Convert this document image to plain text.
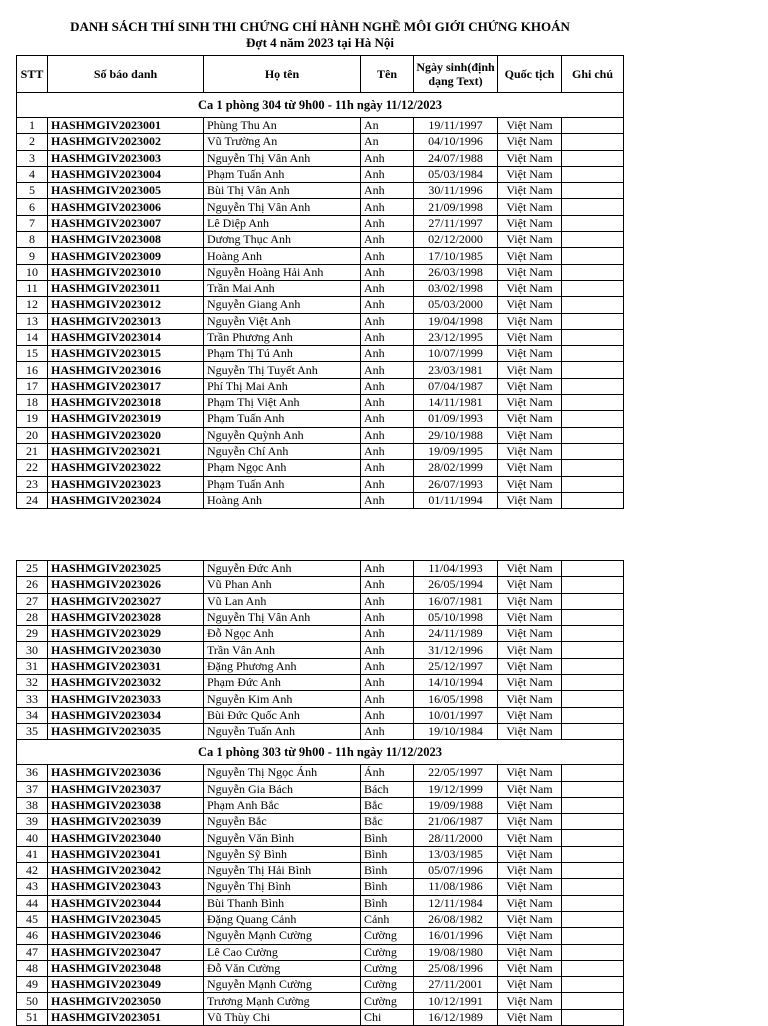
DANH SÁCH THÍ SINH THI CHỨNG CHỈ HÀNH NGHỀ MÔI GIỚI CHỨNG KHOÁN
Đợt 4 năm 2023 tại Hà Nội
STT	Số báo danh	Họ tên	Tên	Ngày sinh(định dạng Text)	Quốc tịch	Ghi chú
Ca 1 phòng 304 từ 9h00 - 11h ngày 11/12/2023						
1	HASHMGIV2023001	Phùng Thu An	An	19/11/1997	Việt Nam	
2	HASHMGIV2023002	Vũ Trường An	An	04/10/1996	Việt Nam	
3	HASHMGIV2023003	Nguyễn Thị Vân Anh	Anh	24/07/1988	Việt Nam	
4	HASHMGIV2023004	Phạm Tuấn Anh	Anh	05/03/1984	Việt Nam	
5	HASHMGIV2023005	Bùi Thị Vân Anh	Anh	30/11/1996	Việt Nam	
6	HASHMGIV2023006	Nguyễn Thị Vân Anh	Anh	21/09/1998	Việt Nam	
7	HASHMGIV2023007	Lê Diệp Anh	Anh	27/11/1997	Việt Nam	
8	HASHMGIV2023008	Dương Thục Anh	Anh	02/12/2000	Việt Nam	
9	HASHMGIV2023009	Hoàng Anh	Anh	17/10/1985	Việt Nam	
10	HASHMGIV2023010	Nguyễn Hoàng Hải Anh	Anh	26/03/1998	Việt Nam	
11	HASHMGIV2023011	Trần Mai Anh	Anh	03/02/1998	Việt Nam	
12	HASHMGIV2023012	Nguyễn Giang Anh	Anh	05/03/2000	Việt Nam	
13	HASHMGIV2023013	Nguyễn Việt Anh	Anh	19/04/1998	Việt Nam	
14	HASHMGIV2023014	Trần Phương Anh	Anh	23/12/1995	Việt Nam	
15	HASHMGIV2023015	Phạm Thị Tú Anh	Anh	10/07/1999	Việt Nam	
16	HASHMGIV2023016	Nguyễn Thị Tuyết Anh	Anh	23/03/1981	Việt Nam	
17	HASHMGIV2023017	Phí Thị Mai Anh	Anh	07/04/1987	Việt Nam	
18	HASHMGIV2023018	Phạm Thị Việt Anh	Anh	14/11/1981	Việt Nam	
19	HASHMGIV2023019	Phạm Tuấn Anh	Anh	01/09/1993	Việt Nam	
20	HASHMGIV2023020	Nguyễn Quỳnh Anh	Anh	29/10/1988	Việt Nam	
21	HASHMGIV2023021	Nguyễn Chí Anh	Anh	19/09/1995	Việt Nam	
22	HASHMGIV2023022	Phạm Ngọc Anh	Anh	28/02/1999	Việt Nam	
23	HASHMGIV2023023	Phạm Tuấn Anh	Anh	26/07/1993	Việt Nam	
24	HASHMGIV2023024	Hoàng Anh	Anh	01/11/1994	Việt Nam	
25	HASHMGIV2023025	Nguyễn Đức Anh	Anh	11/04/1993	Việt Nam	
26	HASHMGIV2023026	Vũ Phan Anh	Anh	26/05/1994	Việt Nam	
27	HASHMGIV2023027	Vũ Lan Anh	Anh	16/07/1981	Việt Nam	
28	HASHMGIV2023028	Nguyễn Thị Vân Anh	Anh	05/10/1998	Việt Nam	
29	HASHMGIV2023029	Đỗ Ngọc Anh	Anh	24/11/1989	Việt Nam	
30	HASHMGIV2023030	Trần Vân Anh	Anh	31/12/1996	Việt Nam	
31	HASHMGIV2023031	Đặng Phương Anh	Anh	25/12/1997	Việt Nam	
32	HASHMGIV2023032	Phạm Đức Anh	Anh	14/10/1994	Việt Nam	
33	HASHMGIV2023033	Nguyễn Kim Anh	Anh	16/05/1998	Việt Nam	
34	HASHMGIV2023034	Bùi Đức Quốc Anh	Anh	10/01/1997	Việt Nam	
35	HASHMGIV2023035	Nguyễn Tuấn Anh	Anh	19/10/1984	Việt Nam	
Ca 1 phòng 303 từ 9h00 - 11h ngày 11/12/2023						
36	HASHMGIV2023036	Nguyễn Thị Ngọc Ánh	Ánh	22/05/1997	Việt Nam	
37	HASHMGIV2023037	Nguyễn Gia Bách	Bách	19/12/1999	Việt Nam	
38	HASHMGIV2023038	Phạm Anh Bắc	Bắc	19/09/1988	Việt Nam	
39	HASHMGIV2023039	Nguyễn Bắc	Bắc	21/06/1987	Việt Nam	
40	HASHMGIV2023040	Nguyễn Văn Bình	Bình	28/11/2000	Việt Nam	
41	HASHMGIV2023041	Nguyễn Sỹ Bình	Bình	13/03/1985	Việt Nam	
42	HASHMGIV2023042	Nguyễn Thị Hải Bình	Bình	05/07/1996	Việt Nam	
43	HASHMGIV2023043	Nguyễn Thị Bình	Bình	11/08/1986	Việt Nam	
44	HASHMGIV2023044	Bùi Thanh Bình	Bình	12/11/1984	Việt Nam	
45	HASHMGIV2023045	Đặng Quang Cảnh	Cảnh	26/08/1982	Việt Nam	
46	HASHMGIV2023046	Nguyễn Mạnh Cường	Cường	16/01/1996	Việt Nam	
47	HASHMGIV2023047	Lê Cao Cường	Cường	19/08/1980	Việt Nam	
48	HASHMGIV2023048	Đỗ Văn Cường	Cường	25/08/1996	Việt Nam	
49	HASHMGIV2023049	Nguyễn Mạnh Cường	Cường	27/11/2001	Việt Nam	
50	HASHMGIV2023050	Trương Mạnh Cường	Cường	10/12/1991	Việt Nam	
51	HASHMGIV2023051	Vũ Thùy Chi	Chi	16/12/1989	Việt Nam	
